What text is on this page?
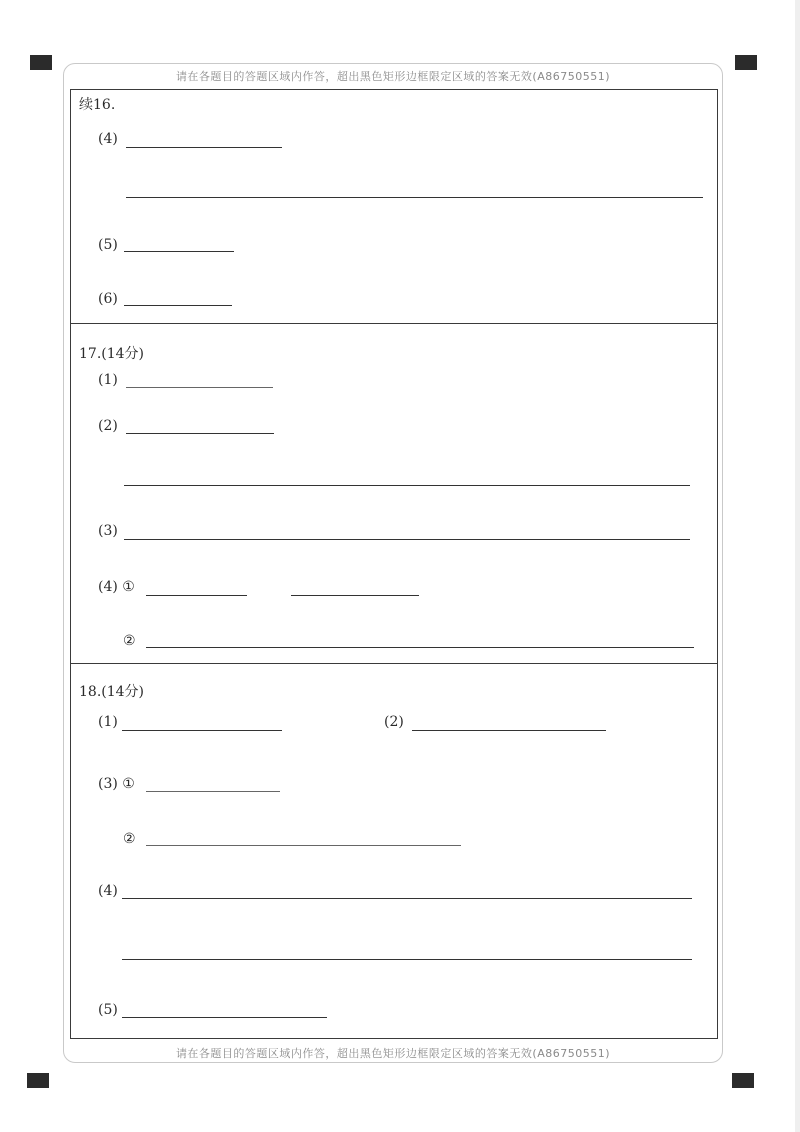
请在各题目的答题区域内作答，超出黑色矩形边框限定区域的答案无效(A86750551)
请在各题目的答题区域内作答，超出黑色矩形边框限定区域的答案无效(A86750551)
续16.
(4)
(5)
(6)
17.(14分)
(1)
(2)
(3)
(4) ①
②
18.(14分)
(1)	(2)
(3) ①
②
(4)
(5)
